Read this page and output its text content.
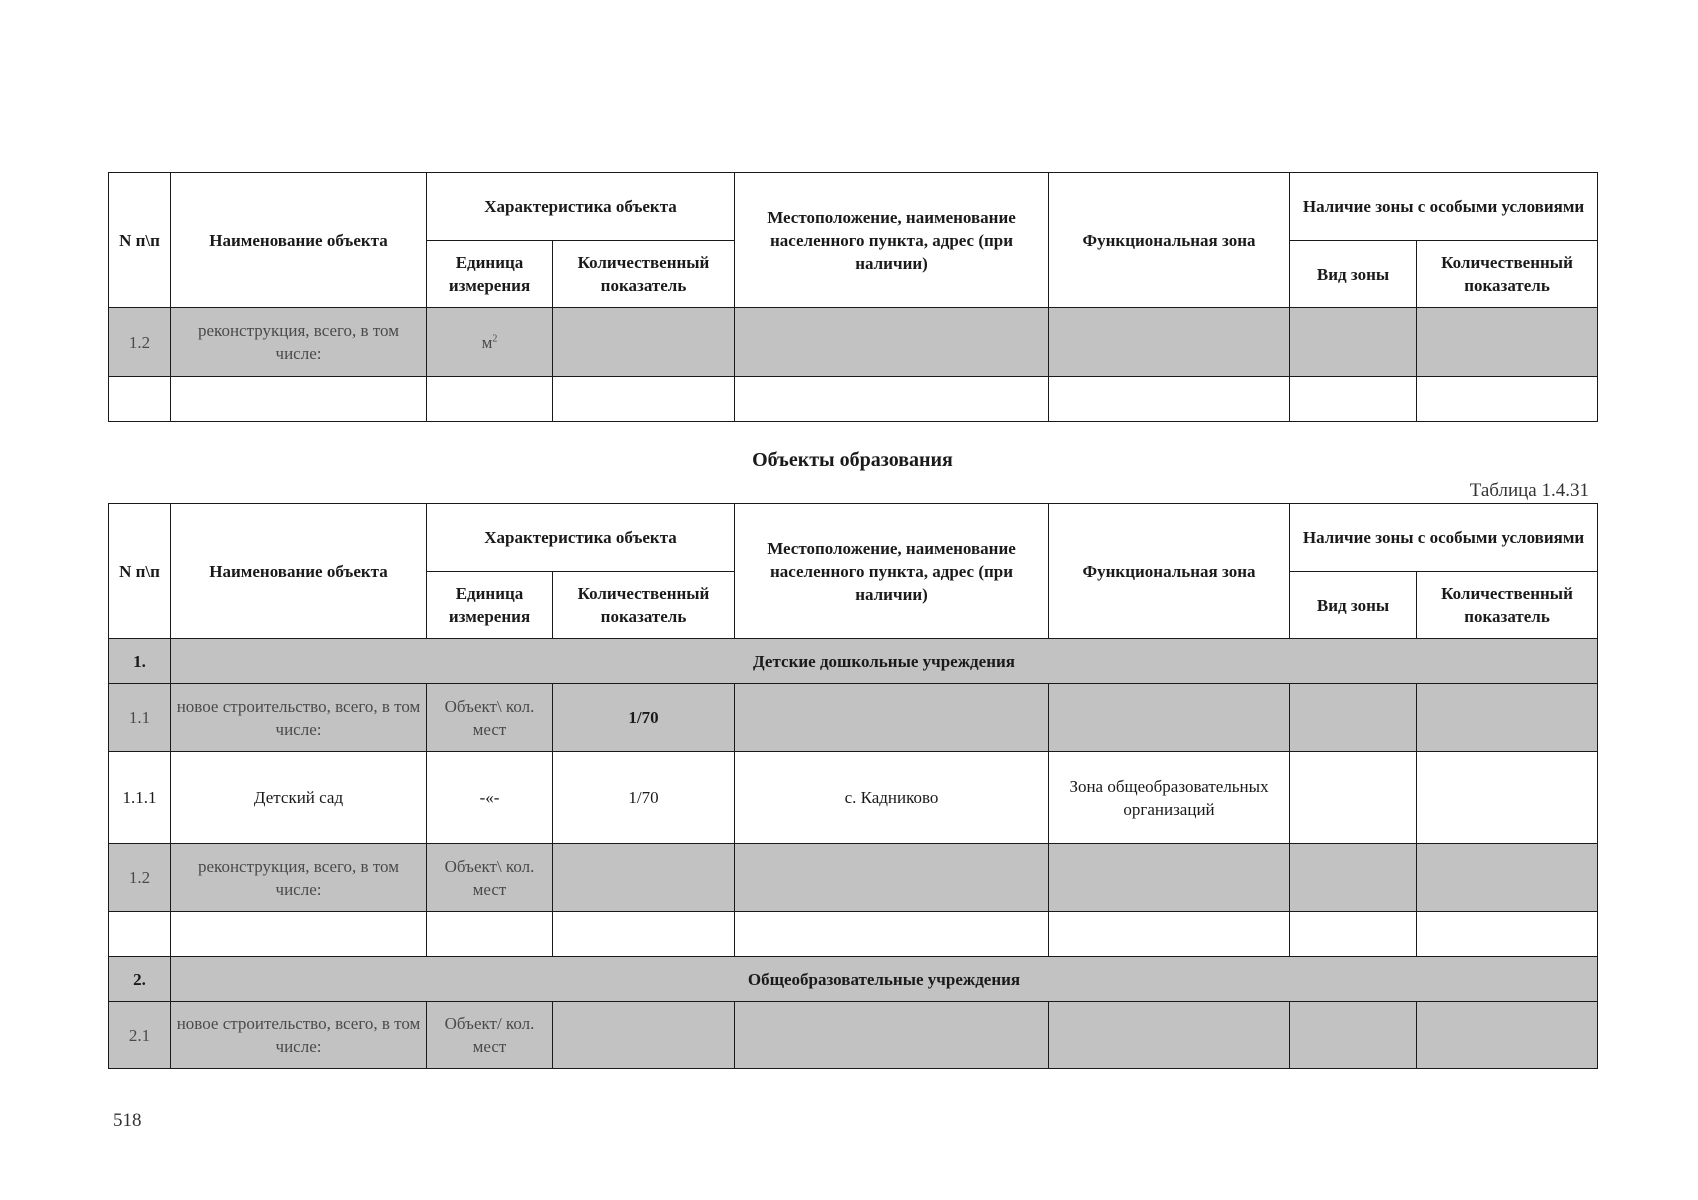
N п\п	Наименование объекта	Характеристика объекта		Местоположение, наименование населенного пункта, адрес (при наличии)	Функциональная зона	Наличие зоны с особыми условиями	
		Единица измерения	Количественный показатель			Вид зоны	Количественный показатель
1.2	реконструкция, всего, в том числе:	$м^2$					

Объекты образования
Таблица 1.4.31
N п\п	Наименование объекта	Характеристика объекта		Местоположение, наименование населенного пункта, адрес (при наличии)	Функциональная зона	Наличие зоны с особыми условиями	
		Единица измерения	Количественный показатель			Вид зоны	Количественный показатель
1.	Детские дошкольные учреждения						
1.1	новое строительство, всего, в том числе:	Объект\ кол. мест	1/70				
1.1.1	Детский сад	-«-	1/70	с. Кадниково	Зона общеобразовательных организаций		
1.2	реконструкция, всего, в том числе:	Объект\ кол. мест					

2.	Общеобразовательные учреждения						
2.1	новое строительство, всего, в том числе:	Объект/ кол. мест					
518
